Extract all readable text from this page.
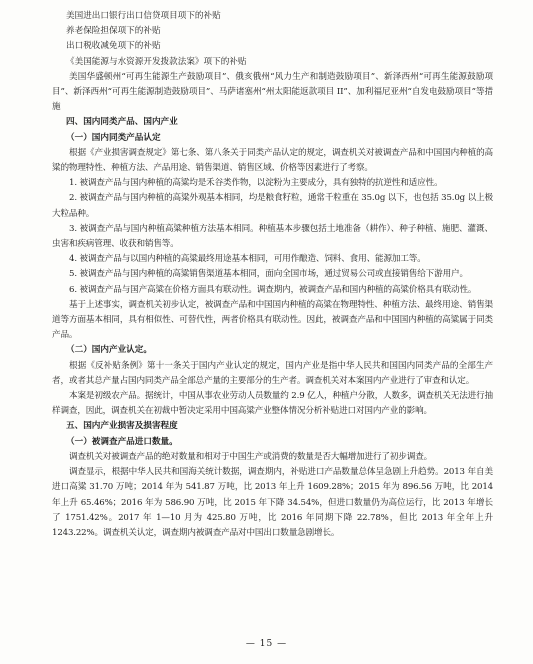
美国进出口银行出口信贷项目项下的补贴

养老保险担保项下的补贴

出口税收减免项下的补贴

《美国能源与水资源开发拨款法案》项下的补贴

美国华盛顿州“可再生能源生产鼓励项目”、俄亥俄州“风力生产和制造鼓励项目”、新泽西州“可再生能源鼓励项目”、新泽西州“可再生能源制造鼓励项目”、马萨诸塞州“州太阳能返款项目 II”、加利福尼亚州“自发电鼓励项目”等措施

四、国内同类产品、国内产业

（一）国内同类产品认定

根据《产业损害调查规定》第七条、第八条关于同类产品认定的规定，调查机关对被调查产品和中国国内种植的高粱的物理特性、种植方法、产品用途、销售渠道、销售区域、价格等因素进行了考察。

1. 被调查产品与国内种植的高粱均是禾谷类作物，以淀粉为主要成分，具有独特的抗逆性和适应性。

2. 被调查产品与国内种植的高粱外观基本相同，均是粮食籽粒，通常千粒重在 35.0g 以下，也包括 35.0g 以上极大粒品种。

3. 被调查产品与国内种植高粱种植方法基本相同。种植基本步骤包括土地准备（耕作）、种子种植、施肥、灌溉、虫害和疾病管理、收获和销售等。

4. 被调查产品与以国内种植的高粱最终用途基本相同，可用作酿造、饲料、食用、能源加工等。

5. 被调查产品与国内种植的高粱销售渠道基本相同，面向全国市场，通过贸易公司或直接销售给下游用户。

6. 被调查产品与国产高粱在价格方面具有联动性。调查期内，被调查产品和国内种植的高粱价格具有联动性。

基于上述事实，调查机关初步认定，被调查产品和中国国内种植的高粱在物理特性、种植方法、最终用途、销售渠道等方面基本相同，具有相似性、可替代性，两者价格具有联动性。因此，被调查产品和中国国内种植的高粱属于同类产品。

（二）国内产业认定。

根据《反补贴条例》第十一条关于国内产业认定的规定，国内产业是指中华人民共和国国内同类产品的全部生产者，或者其总产量占国内同类产品全部总产量的主要部分的生产者。调查机关对本案国内产业进行了审查和认定。

本案是初级农产品。据统计，中国从事农业劳动人员数量约 2.9 亿人，种植户分散，人数多，调查机关无法进行抽样调查，因此，调查机关在初裁中暂决定采用中国高粱产业整体情况分析补贴进口对国内产业的影响。

五、国内产业损害及损害程度

（一）被调查产品进口数量。

调查机关对被调查产品的绝对数量和相对于中国生产或消费的数量是否大幅增加进行了初步调查。

调查显示，根据中华人民共和国海关统计数据，调查期内，补贴进口产品数量总体呈急剧上升趋势。2013 年自美进口高粱 31.70 万吨；2014 年为 541.87 万吨，比 2013 年上升 1609.28%；2015 年为 896.56 万吨，比 2014 年上升 65.46%；2016 年为 586.90 万吨，比 2015 年下降 34.54%，但进口数量仍为高位运行，比 2013 年增长了 1751.42%。2017 年 1—10 月为 425.80 万吨，比 2016 年同期下降 22.78%，但比 2013 年全年上升 1243.22%。调查机关认定，调查期内被调查产品对中国出口数量急剧增长。

— 15 —
